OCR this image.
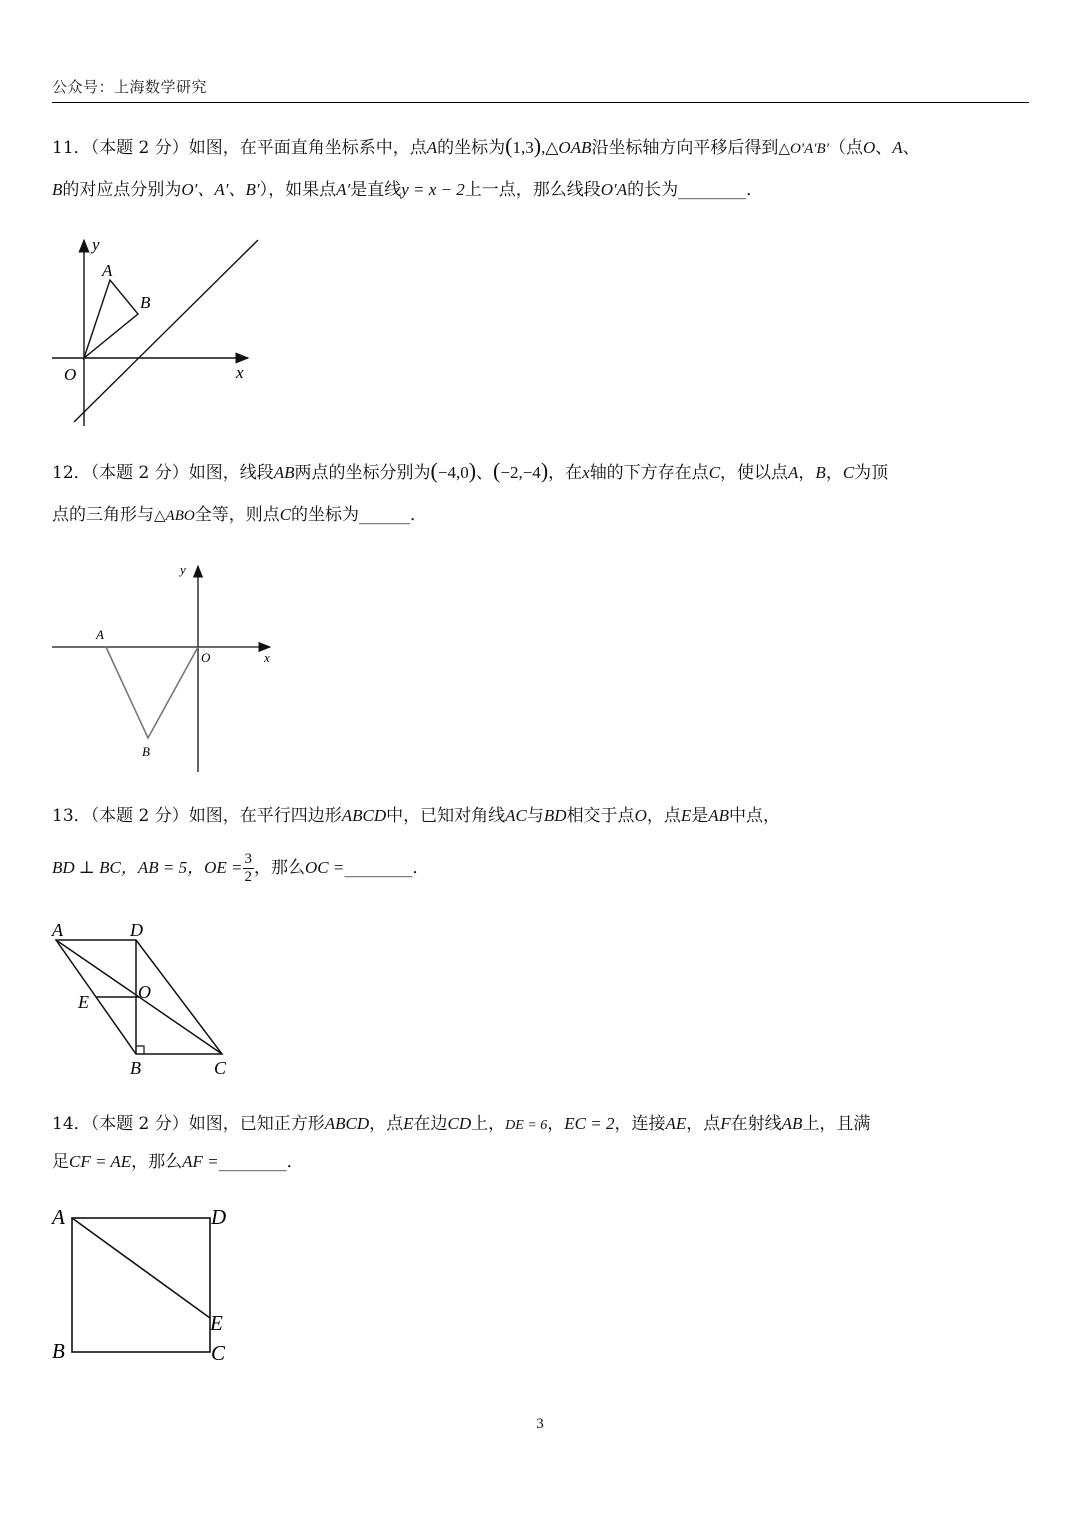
公众号：上海数学研究
11．（本题 2 分）如图，在平面直角坐标系中，点A的坐标为(1,3),△OAB沿坐标轴方向平移后得到△O′A′B′（点O、A、
B的对应点分别为O′、A′、B′），如果点A′是直线y = x − 2上一点，那么线段O′A的长为________．
y
x
A
B
O
12．（本题 2 分）如图，线段AB两点的坐标分别为(−4,0)、(−2,−4)，在x轴的下方存在点C，使以点A，B，C为顶
点的三角形与△ABO全等，则点C的坐标为______．
y
x
A
O
B
13．（本题 2 分）如图，在平行四边形ABCD中，已知对角线AC与BD相交于点O，点E是AB中点，
BD ⊥ BC，AB = 5，OE = $\frac{3}{2}$ ，那么OC =________．
A	D
O
E
B	C
14．（本题 2 分）如图，已知正方形ABCD，点E在边CD上，DE = 6，EC = 2，连接AE，点F在射线AB上，且满
足CF = AE，那么AF =________．
A	D
E
B	C
3
